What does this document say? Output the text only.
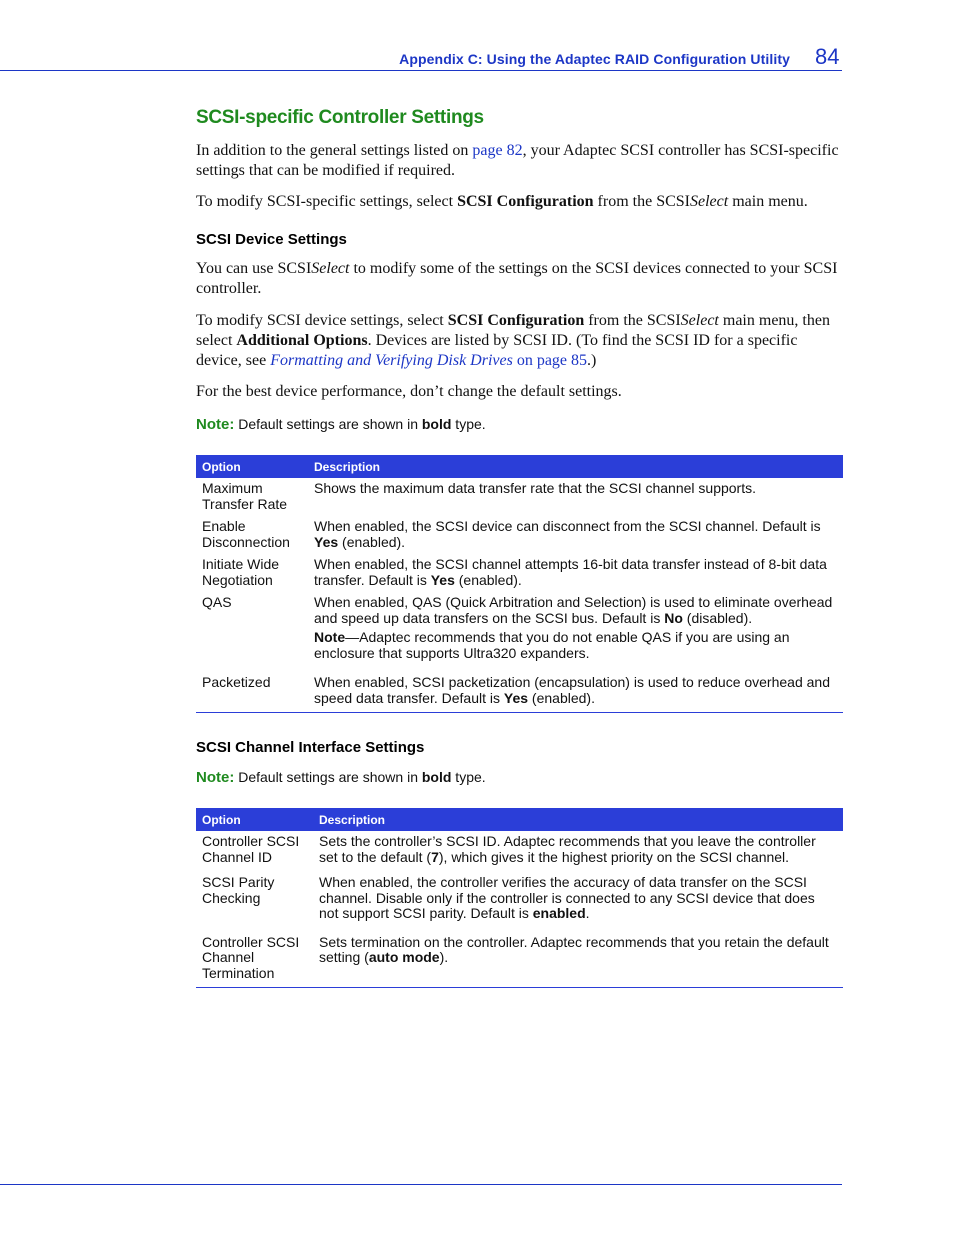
Appendix C: Using the Adaptec RAID Configuration Utility 84
SCSI-specific Controller Settings
In addition to the general settings listed on page 82, your Adaptec SCSI controller has SCSI-specific settings that can be modified if required.
To modify SCSI-specific settings, select SCSI Configuration from the SCSISelect main menu.
SCSI Device Settings
You can use SCSISelect to modify some of the settings on the SCSI devices connected to your SCSI controller.
To modify SCSI device settings, select SCSI Configuration from the SCSISelect main menu, then select Additional Options. Devices are listed by SCSI ID. (To find the SCSI ID for a specific device, see Formatting and Verifying Disk Drives on page 85.)
For the best device performance, don’t change the default settings.
Note: Default settings are shown in bold type.
Option	Description
Maximum Transfer Rate	Shows the maximum data transfer rate that the SCSI channel supports.
Enable Disconnection	When enabled, the SCSI device can disconnect from the SCSI channel. Default is Yes (enabled).
Initiate Wide Negotiation	When enabled, the SCSI channel attempts 16-bit data transfer instead of 8-bit data transfer. Default is Yes (enabled).
QAS	When enabled, QAS (Quick Arbitration and Selection) is used to eliminate overhead and speed up data transfers on the SCSI bus. Default is No (disabled).
Note—Adaptec recommends that you do not enable QAS if you are using an enclosure that supports Ultra320 expanders.

Packetized	When enabled, SCSI packetization (encapsulation) is used to reduce overhead and speed data transfer. Default is Yes (enabled).
SCSI Channel Interface Settings
Note: Default settings are shown in bold type.
Option	Description
Controller SCSI Channel ID	Sets the controller’s SCSI ID. Adaptec recommends that you leave the controller set to the default (7), which gives it the highest priority on the SCSI channel.
SCSI Parity Checking	When enabled, the controller verifies the accuracy of data transfer on the SCSI channel. Disable only if the controller is connected to any SCSI device that does not support SCSI parity. Default is enabled.
Controller SCSI Channel Termination	Sets termination on the controller. Adaptec recommends that you retain the default setting (auto mode).
